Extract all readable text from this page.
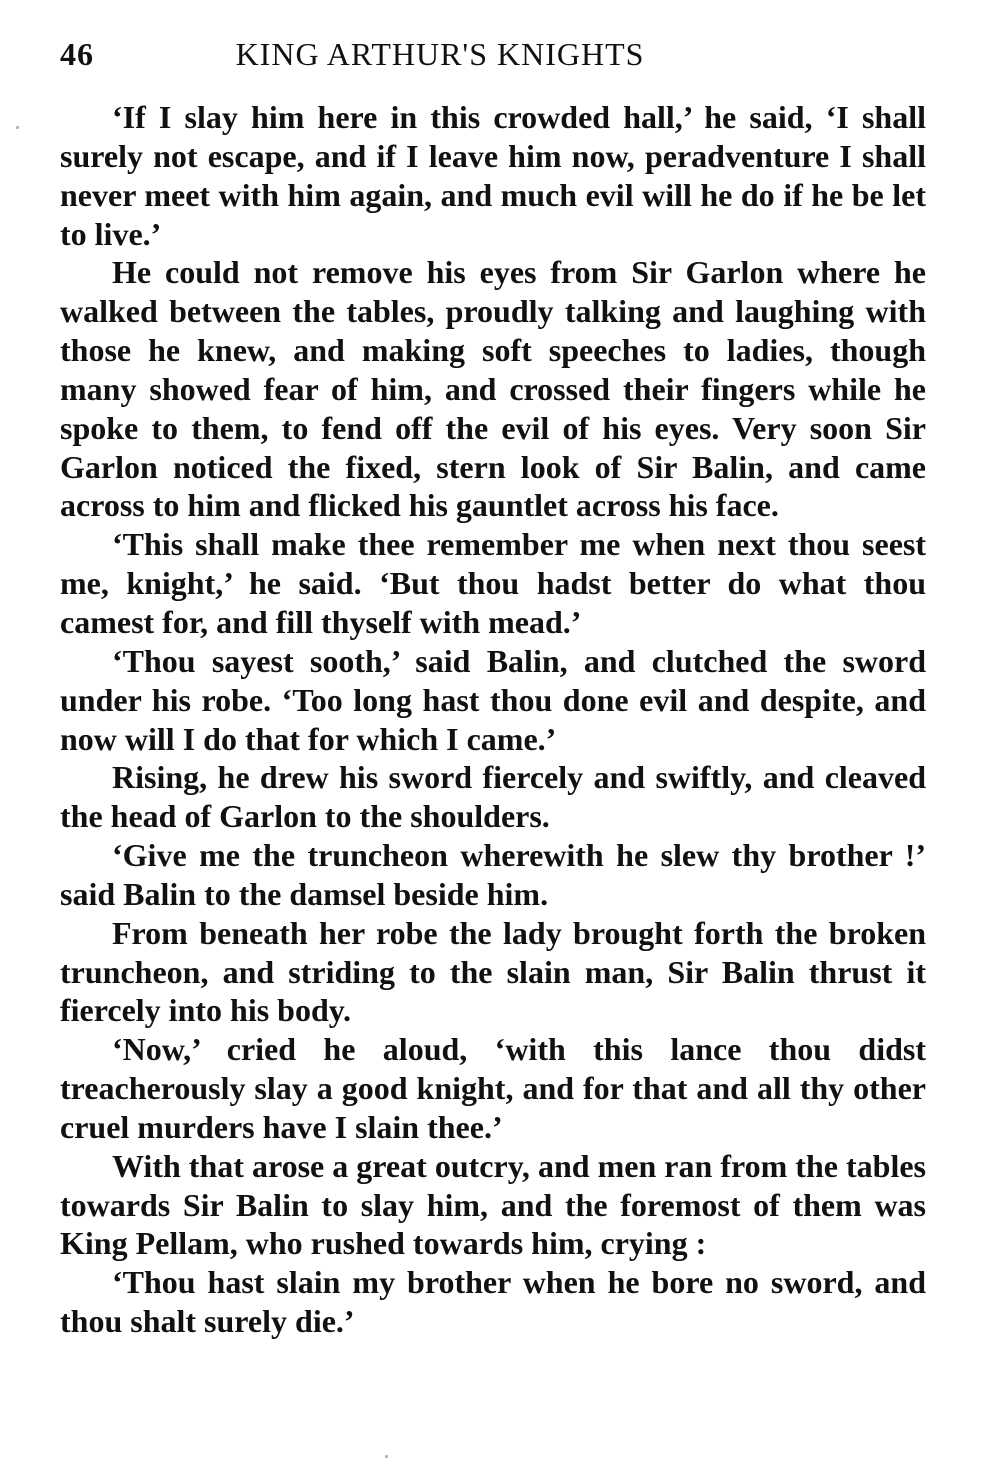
46	KING ARTHUR'S KNIGHTS

‘If I slay him here in this crowded hall,’ he said, ‘I shall surely not escape, and if I leave him now, peradventure I shall never meet with him again, and much evil will he do if he be let to live.’

He could not remove his eyes from Sir Garlon where he walked between the tables, proudly talking and laughing with those he knew, and making soft speeches to ladies, though many showed fear of him, and crossed their fingers while he spoke to them, to fend off the evil of his eyes. Very soon Sir Garlon noticed the fixed, stern look of Sir Balin, and came across to him and flicked his gauntlet across his face.

‘This shall make thee remember me when next thou seest me, knight,’ he said. ‘But thou hadst better do what thou camest for, and fill thyself with mead.’

‘Thou sayest sooth,’ said Balin, and clutched the sword under his robe. ‘Too long hast thou done evil and despite, and now will I do that for which I came.’

Rising, he drew his sword fiercely and swiftly, and cleaved the head of Garlon to the shoulders.

‘Give me the truncheon wherewith he slew thy brother !’ said Balin to the damsel beside him.

From beneath her robe the lady brought forth the broken truncheon, and striding to the slain man, Sir Balin thrust it fiercely into his body.

‘Now,’ cried he aloud, ‘with this lance thou didst treacherously slay a good knight, and for that and all thy other cruel murders have I slain thee.’

With that arose a great outcry, and men ran from the tables towards Sir Balin to slay him, and the foremost of them was King Pellam, who rushed towards him, crying :

‘Thou hast slain my brother when he bore no sword, and thou shalt surely die.’
